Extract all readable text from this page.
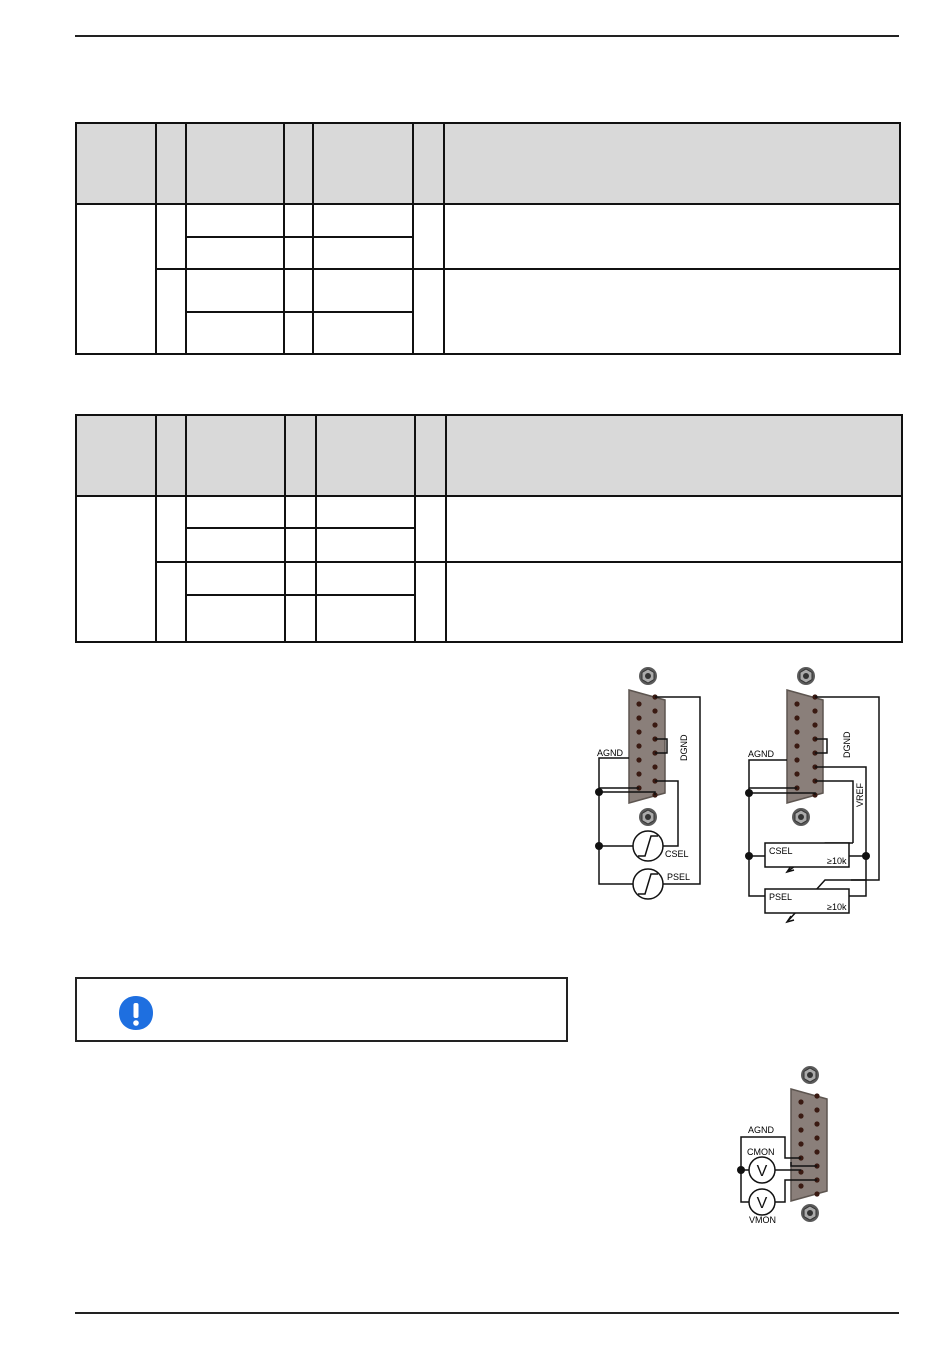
AGND	DGND
CSEL
PSEL
CSEL
≥10k
PSEL
≥10k
AGND	DGND
VREF
V
V
AGND
CMON
VMON
